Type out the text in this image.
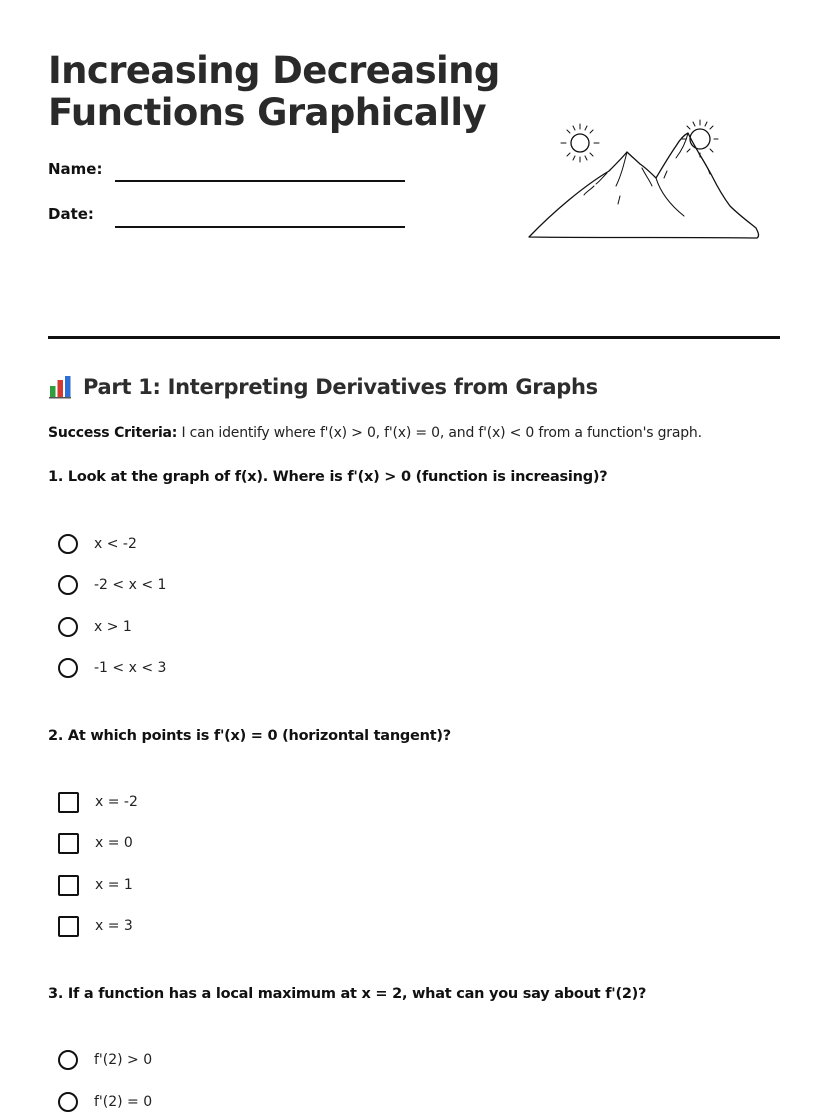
Increasing Decreasing
Functions Graphically
Name:
Date:
Part 1: Interpreting Derivatives from Graphs
Success Criteria: I can identify where f'(x) > 0, f'(x) = 0, and f'(x) < 0 from a function's graph.
1. Look at the graph of f(x). Where is f'(x) > 0 (function is increasing)?
x < -2
-2 < x < 1
x > 1
-1 < x < 3
2. At which points is f'(x) = 0 (horizontal tangent)?
x = -2
x = 0
x = 1
x = 3
3. If a function has a local maximum at x = 2, what can you say about f'(2)?
f'(2) > 0
f'(2) = 0
